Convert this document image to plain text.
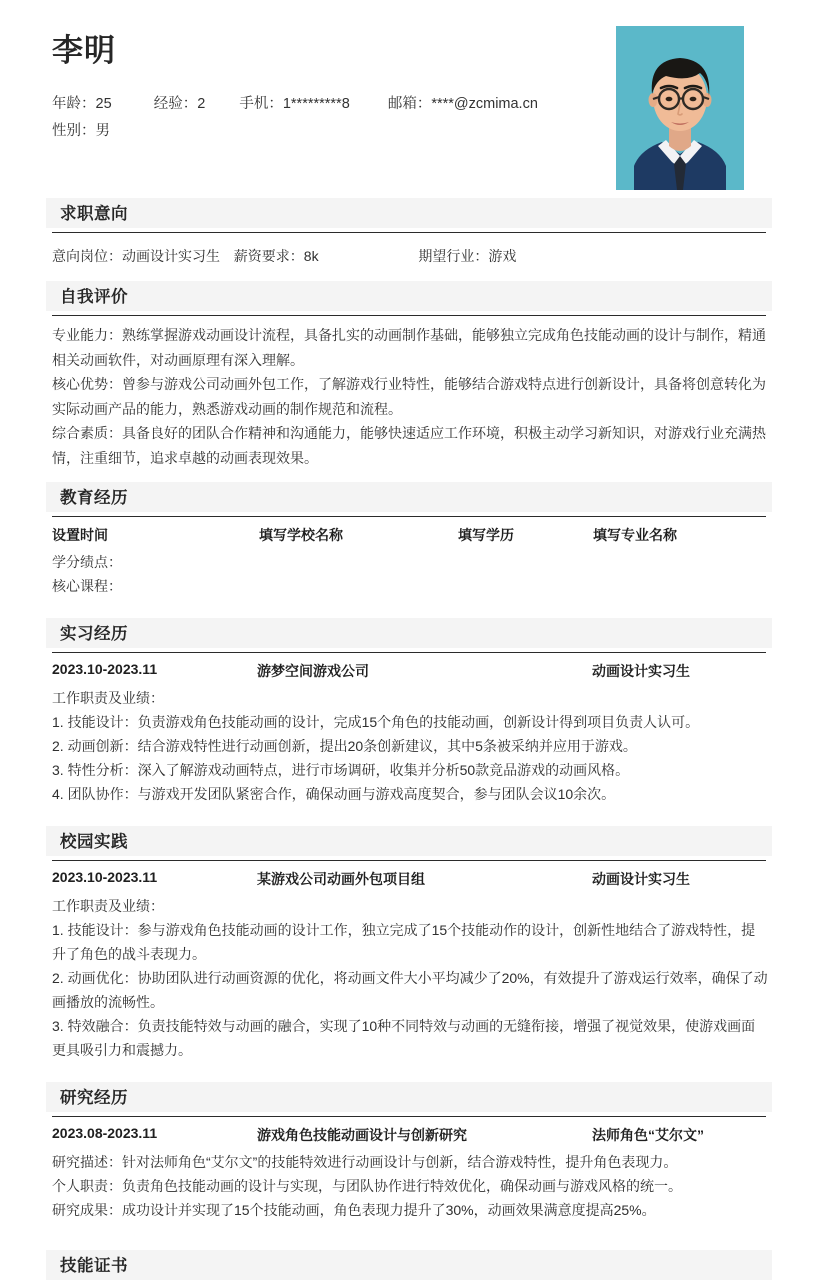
李明
年龄：25	经验：2 手机：1*********8	邮箱：****@zcmima.cn
性别：男
求职意向
意向岗位：动画设计实习生 薪资要求：8k	期望行业：游戏
自我评价

专业能力：熟练掌握游戏动画设计流程，具备扎实的动画制作基础，能够独立完成角色技能动画的设计与制作，精通相关动画软件，对动画原理有深入理解。

核心优势：曾参与游戏公司动画外包工作，了解游戏行业特性，能够结合游戏特点进行创新设计，具备将创意转化为实际动画产品的能力，熟悉游戏动画的制作规范和流程。

综合素质：具备良好的团队合作精神和沟通能力，能够快速适应工作环境，积极主动学习新知识，对游戏行业充满热情，注重细节，追求卓越的动画表现效果。

教育经历
设置时间	填写学校名称	填写学历	填写专业名称

学分绩点：

核心课程：

实习经历
2023.10-2023.11	游梦空间游戏公司	动画设计实习生

工作职责及业绩：

1. 技能设计：负责游戏角色技能动画的设计，完成15个角色的技能动画，创新设计得到项目负责人认可。

2. 动画创新：结合游戏特性进行动画创新，提出20条创新建议，其中5条被采纳并应用于游戏。

3. 特性分析：深入了解游戏动画特点，进行市场调研，收集并分析50款竞品游戏的动画风格。

4. 团队协作：与游戏开发团队紧密合作，确保动画与游戏高度契合，参与团队会议10余次。

校园实践
2023.10-2023.11	某游戏公司动画外包项目组	动画设计实习生

工作职责及业绩：

1. 技能设计：参与游戏角色技能动画的设计工作，独立完成了15个技能动作的设计，创新性地结合了游戏特性，提升了角色的战斗表现力。

2. 动画优化：协助团队进行动画资源的优化，将动画文件大小平均减少了20%，有效提升了游戏运行效率，确保了动画播放的流畅性。

3. 特效融合：负责技能特效与动画的融合，实现了10种不同特效与动画的无缝衔接，增强了视觉效果，使游戏画面更具吸引力和震撼力。

研究经历
2023.08-2023.11	游戏角色技能动画设计与创新研究	法师角色“艾尔文”

研究描述：针对法师角色“艾尔文”的技能特效进行动画设计与创新，结合游戏特性，提升角色表现力。

个人职责：负责角色技能动画的设计与实现，与团队协作进行特效优化，确保动画与游戏风格的统一。

研究成果：成功设计并实现了15个技能动画，角色表现力提升了30%，动画效果满意度提高25%。

技能证书
